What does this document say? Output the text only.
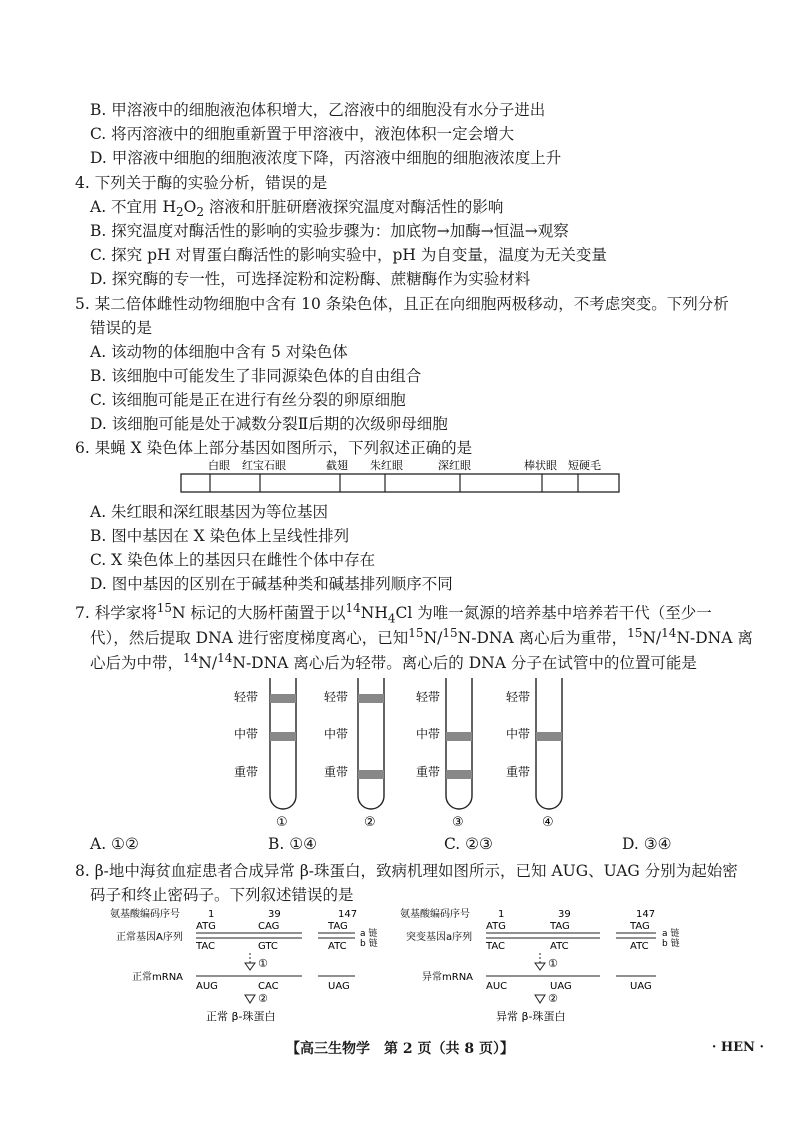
B. 甲溶液中的细胞液泡体积增大，乙溶液中的细胞没有水分子进出
C. 将丙溶液中的细胞重新置于甲溶液中，液泡体积一定会增大
D. 甲溶液中细胞的细胞液浓度下降，丙溶液中细胞的细胞液浓度上升
4. 下列关于酶的实验分析，错误的是
A. 不宜用 $H_2O_2$ 溶液和肝脏研磨液探究温度对酶活性的影响
B. 探究温度对酶活性的影响的实验步骤为：加底物→加酶→恒温→观察
C. 探究 pH 对胃蛋白酶活性的影响实验中，pH 为自变量，温度为无关变量
D. 探究酶的专一性，可选择淀粉和淀粉酶、蔗糖酶作为实验材料
5. 某二倍体雌性动物细胞中含有 10 条染色体，且正在向细胞两极移动，不考虑突变。下列分析
错误的是
A. 该动物的体细胞中含有 5 对染色体
B. 该细胞中可能发生了非同源染色体的自由组合
C. 该细胞可能是正在进行有丝分裂的卵原细胞
D. 该细胞可能是处于减数分裂Ⅱ后期的次级卵母细胞
6. 果蝇 X 染色体上部分基因如图所示，下列叙述正确的是
白眼 红宝石眼	截翅 朱红眼	深红眼	棒状眼 短硬毛
A. 朱红眼和深红眼基因为等位基因
B. 图中基因在 X 染色体上呈线性排列
C. X 染色体上的基因只在雌性个体中存在
D. 图中基因的区别在于碱基种类和碱基排列顺序不同
7. 科学家将$^{15}$N 标记的大肠杆菌置于以$^{14}NH_4Cl$ 为唯一氮源的培养基中培养若干代（至少一
代），然后提取 DNA 进行密度梯度离心，已知$^{15}$N/$^{15}$N-DNA 离心后为重带，$^{15}$N/$^{14}$N-DNA 离
心后为中带，$^{14}$N/$^{14}$N-DNA 离心后为轻带。离心后的 DNA 分子在试管中的位置可能是
轻带
中带
重带
①
轻带
中带
重带
②
轻带
中带
重带
③
轻带
中带
重带
④
A. ①②	B. ①④	C. ②③	D. ③④
8. β-地中海贫血症患者合成异常 β-珠蛋白，致病机理如图所示，已知 AUG、UAG 分别为起始密
码子和终止密码子。下列叙述错误的是
氨基酸编码序号	1	39	147
ATG	CAG	TAG
正常基因A序列	a 链
b 链
TAC	GTC	ATC
①
正常mRNA
AUG	CAC	UAG
②
正常 β-珠蛋白
氨基酸编码序号	1	39	147
ATG	TAG	TAG
突变基因a序列	a 链
b 链
TAC	ATC	ATC
①
异常mRNA
AUC	UAG	UAG
②
异常 β-珠蛋白
【高三生物学　第 2 页（共 8 页）】	· HEN ·
